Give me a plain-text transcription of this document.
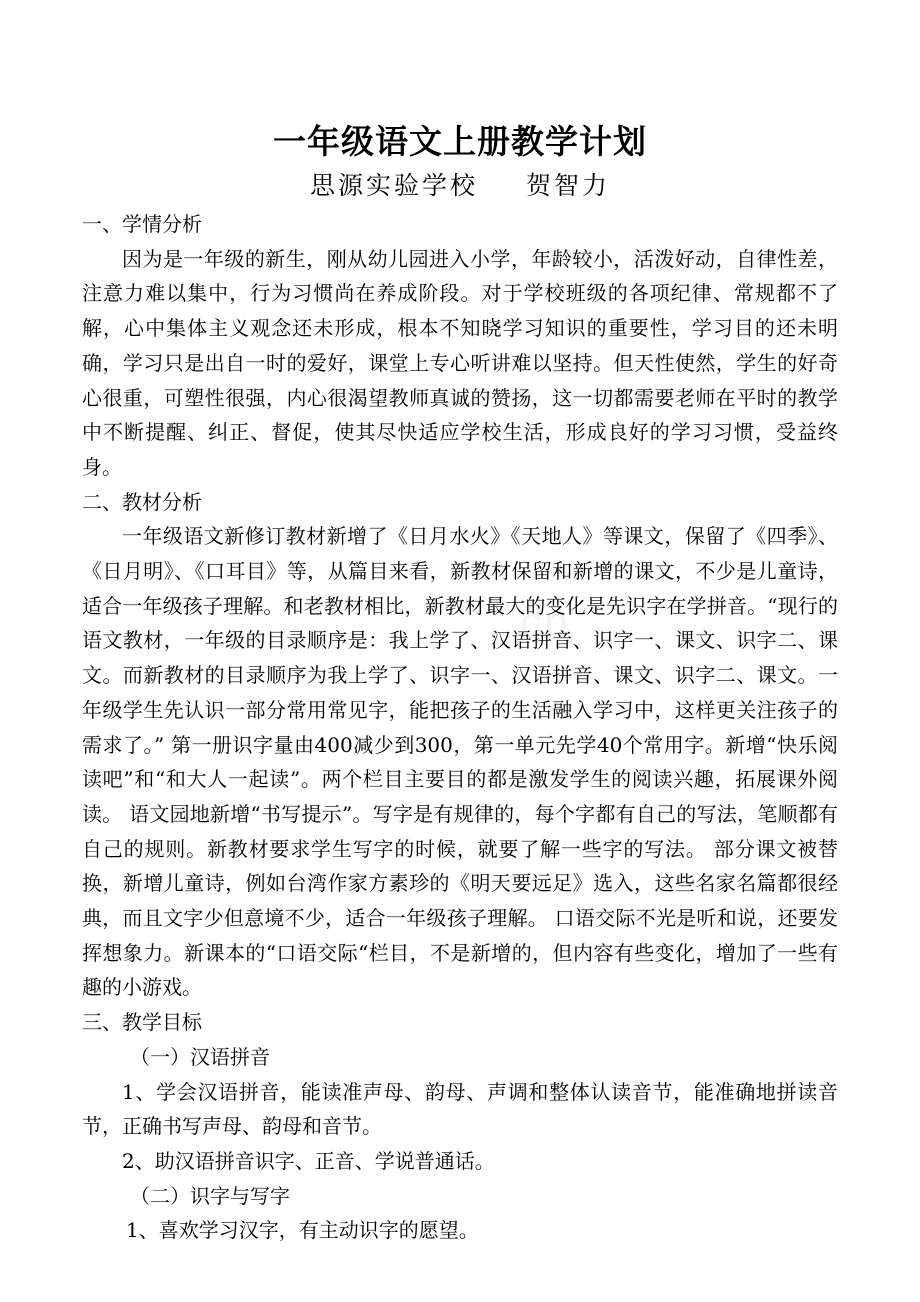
一年级语文上册教学计划

思源实验学校 贺智力

一、学情分析

因为是一年级的新生，刚从幼儿园进入小学，年龄较小，活泼好动，自律性差，注意力难以集中，行为习惯尚在养成阶段。对于学校班级的各项纪律、常规都不了解，心中集体主义观念还未形成，根本不知晓学习知识的重要性，学习目的还未明确，学习只是出自一时的爱好，课堂上专心听讲难以坚持。但天性使然，学生的好奇心很重，可塑性很强，内心很渴望教师真诚的赞扬，这一切都需要老师在平时的教学中不断提醒、纠正、督促，使其尽快适应学校生活，形成良好的学习习惯，受益终身。

二、教材分析

一年级语文新修订教材新增了《日月水火》《天地人》等课文，保留了《四季》、《日月明》、《口耳目》等，从篇目来看，新教材保留和新增的课文，不少是儿童诗，适合一年级孩子理解。和老教材相比，新教材最大的变化是先识字在学拼音。“现行的语文教材，一年级的目录顺序是：我上学了、汉语拼音、识字一、课文、识字二、课文。而新教材的目录顺序为我上学了、识字一、汉语拼音、课文、识字二、课文。一年级学生先认识一部分常用常见字，能把孩子的生活融入学习中，这样更关注孩子的需求了。” 第一册识字量由400减少到300，第一单元先学40个常用字。新增“快乐阅读吧”和“和大人一起读”。两个栏目主要目的都是激发学生的阅读兴趣，拓展课外阅读。 语文园地新增“书写提示”。写字是有规律的，每个字都有自己的写法，笔顺都有自己的规则。新教材要求学生写字的时候，就要了解一些字的写法。 部分课文被替换，新增儿童诗，例如台湾作家方素珍的《明天要远足》选入，这些名家名篇都很经典，而且文字少但意境不少，适合一年级孩子理解。 口语交际不光是听和说，还要发挥想象力。新课本的“口语交际“栏目，不是新增的，但内容有些变化，增加了一些有趣的小游戏。

三、教学目标

（一）汉语拼音

1、学会汉语拼音，能读准声母、韵母、声调和整体认读音节，能准确地拼读音节，正确书写声母、韵母和音节。

2、助汉语拼音识字、正音、学说普通话。

（二）识字与写字

1、喜欢学习汉字，有主动识字的愿望。
